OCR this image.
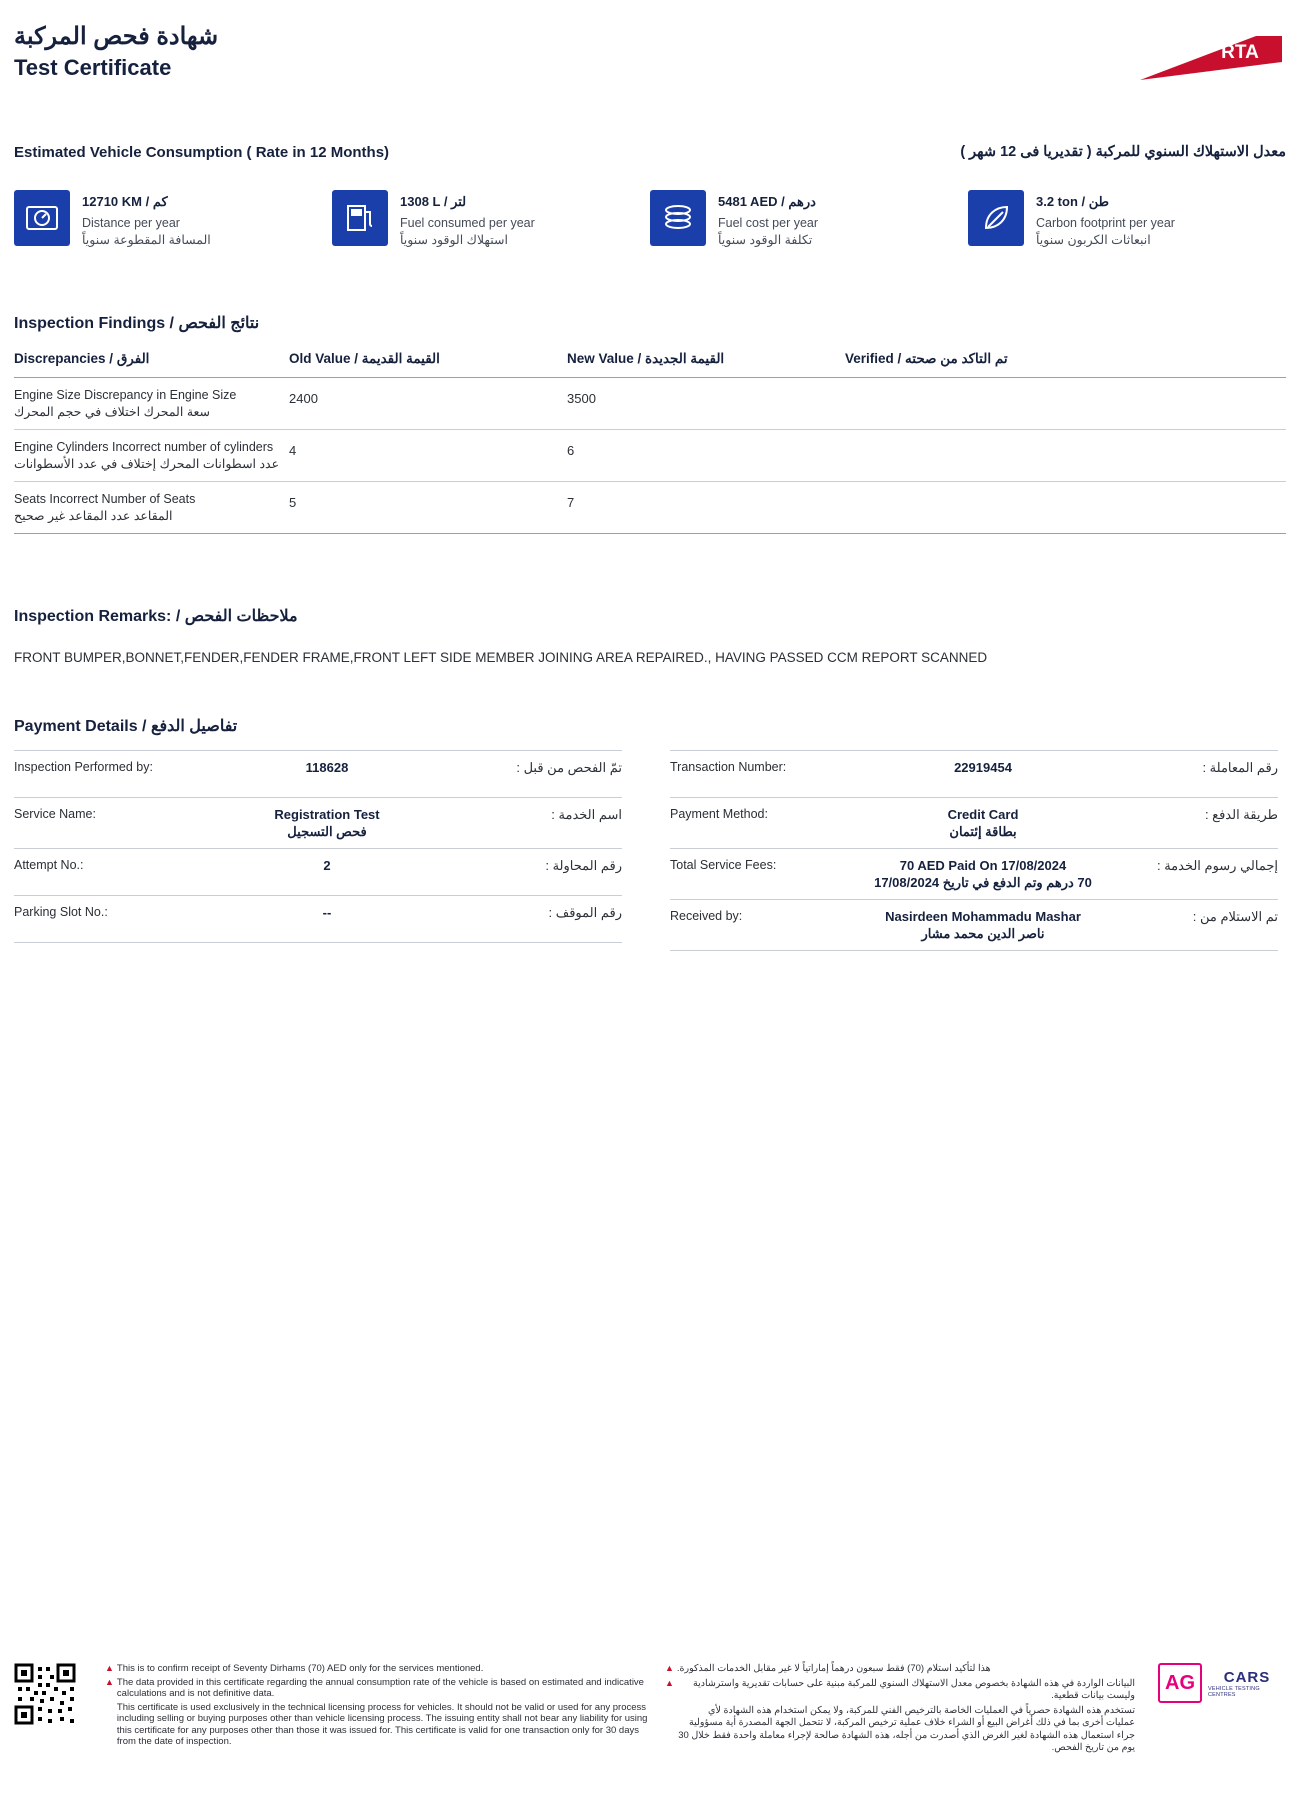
شهادة فحص المركبة
Test Certificate
RTA
Estimated Vehicle Consumption ( Rate in 12 Months)	معدل الاستهلاك السنوي للمركبة ( تقديريا فى 12 شهر )
12710 KM / كم
Distance per year
المسافة المقطوعة سنوياً
1308 L / لتر
Fuel consumed per year
استهلاك الوقود سنوياً
5481 AED / درهم
Fuel cost per year
تكلفة الوقود سنوياً
3.2 ton / طن
Carbon footprint per year
انبعاثات الكربون سنوياً
Inspection Findings / نتائج الفحص
Discrepancies / الفرق	Old Value / القيمة القديمة	New Value / القيمة الجديدة	Verified / تم التاكد من صحته

Engine Size Discrepancy in Engine Size
سعة المحرك اختلاف في حجم المحرك	2400	3500	

Engine Cylinders Incorrect number of cylinders
عدد اسطوانات المحرك إختلاف في عدد الأسطوانات	4	6	

Seats Incorrect Number of Seats
المقاعد عدد المقاعد غير صحيح	5	7	

Inspection Remarks: / ملاحظات الفحص
FRONT BUMPER,BONNET,FENDER,FENDER FRAME,FRONT LEFT SIDE MEMBER JOINING AREA REPAIRED., HAVING PASSED CCM REPORT SCANNED
Payment Details / تفاصيل الدفع
Inspection Performed by:	118628	تمّ الفحص من قبل :
Service Name:	Registration Test
فحص التسجيل
اسم الخدمة :
Attempt No.:	2	رقم المحاولة :
Parking Slot No.:	--	رقم الموقف :
Transaction Number:	22919454	رقم المعاملة :
Payment Method:	Credit Card
بطاقة إئتمان
طريقة الدفع :
Total Service Fees:	70 AED Paid On 17/08/2024
70 درهم وتم الدفع في تاريخ 17/08/2024
إجمالي رسوم الخدمة :
Received by:	Nasirdeen Mohammadu Mashar
ناصر الدين محمد مشار
تم الاستلام من :
▲ This is to confirm receipt of Seventy Dirhams (70) AED only for the services mentioned.
▲ The data provided in this certificate regarding the annual consumption rate of the vehicle is based on estimated and indicative calculations and is not definitive data.
This certificate is used exclusively in the technical licensing process for vehicles. It should not be valid or used for any process including selling or buying purposes other than vehicle licensing process. The issuing entity shall not bear any liability for using this certificate for any purposes other than those it was issued for. This certificate is valid for one transaction only for 30 days from the date of inspection.
▲ هذا لتأكيد استلام (70) فقط سبعون درهماً إماراتياً لا غير مقابل الخدمات المذكورة.
▲	البيانات الواردة في هذه الشهادة بخصوص معدل الاستهلاك السنوي للمركبة مبنية على حسابات تقديرية واسترشادية وليست بيانات قطعية.
تستخدم هذه الشهادة حصرياً في العمليات الخاصة بالترخيص الفني للمركبة، ولا يمكن استخدام هذه الشهادة لأي عمليات أخرى بما في ذلك أغراض البيع أو الشراء خلاف عملية ترخيص المركبة، لا تتحمل الجهة المصدرة أية مسؤولية جراء استعمال هذه الشهادة لغير الغرض الذي أصدرت من أجله، هذه الشهادة صالحة لإجراء معاملة واحدة فقط خلال 30 يوم من تاريخ الفحص.
AG	CARS
VEHICLE TESTING CENTRES
